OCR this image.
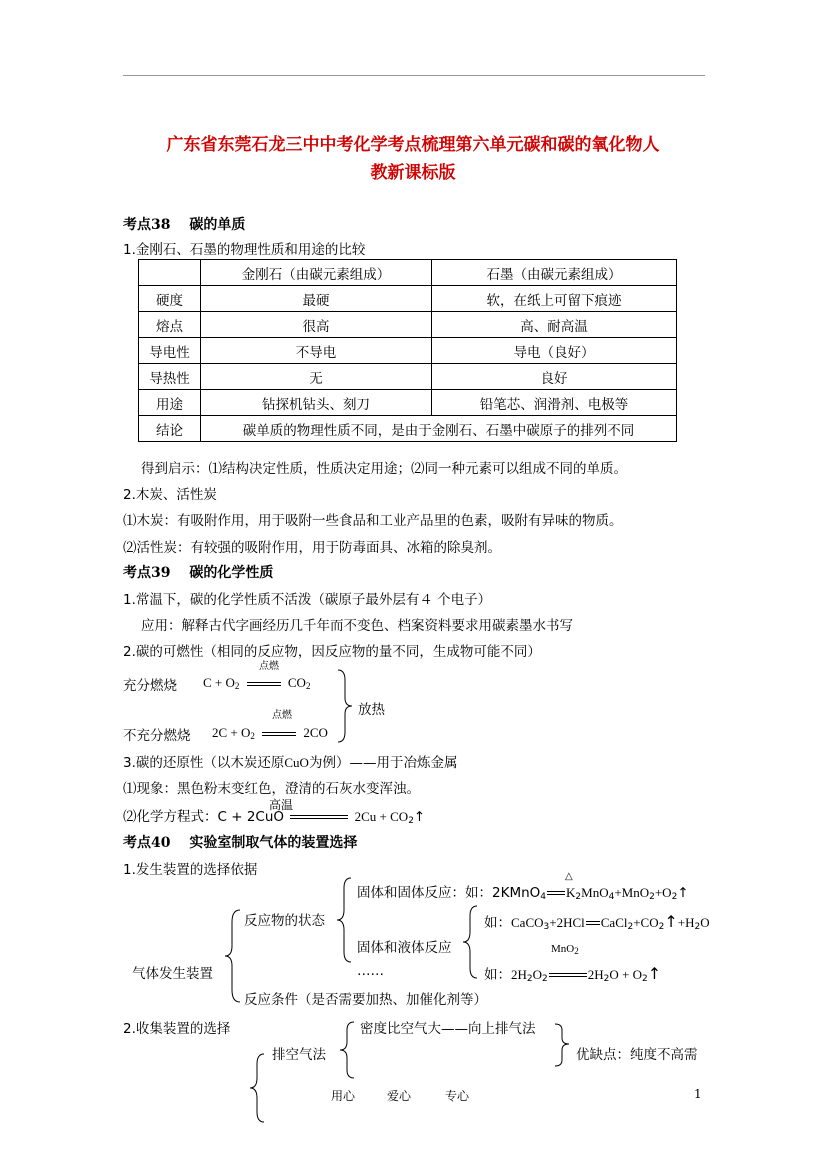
广东省东莞石龙三中中考化学考点梳理第六单元碳和碳的氧化物人
教新课标版
考点38　 碳的单质
1.金刚石、石墨的物理性质和用途的比较
	金刚石（由碳元素组成）	石墨（由碳元素组成）
硬度	最硬	软，在纸上可留下痕迹
熔点	很高	高、耐高温
导电性	不导电	导电（良好）
导热性	无	良好
用途	钻探机钻头、刻刀	铅笔芯、润滑剂、电极等
结论	碳单质的物理性质不同，是由于金刚石、石墨中碳原子的排列不同	
得到启示：⑴结构决定性质，性质决定用途；⑵同一种元素可以组成不同的单质。
2.木炭、活性炭
⑴木炭：有吸附作用，用于吸附一些食品和工业产品里的色素，吸附有异味的物质。
⑵活性炭：有较强的吸附作用，用于防毒面具、冰箱的除臭剂。
考点39　 碳的化学性质
1.常温下，碳的化学性质不活泼（碳原子最外层有４ 个电子）
应用：解释古代字画经历几千年而不变色、档案资料要求用碳素墨水书写
2.碳的可燃性（相同的反应物，因反应物的量不同，生成物可能不同）
点燃
充分燃烧 $C + O_2$	$CO_2$
点燃
不充分燃烧 $2C + O_2$	2CO
放热
3.碳的还原性（以木炭还原CuO为例）——用于冶炼金属
⑴现象：黑色粉末变红色，澄清的石灰水变浑浊。
高温
⑵化学方程式：C + 2CuO	$2Cu + CO_2↑$
考点40　 实验室制取气体的装置选择
1.发生装置的选择依据
气体发生装置
反应物的状态
反应条件（是否需要加热、加催化剂等）
固体和固体反应：如：2KMnO$_4$ $K_2MnO_4+MnO_2+O_2↑$
△
固体和液体反应
……
如：CaCO$_3$+2HCl $CaCl_2+CO_2↑+H_2O$
MnO$_2$
如：$2H_2O_2$	$2H_2O$ + $O_2↑$
2.收集装置的选择
排空气法
密度比空气大——向上排气法
优缺点：纯度不高需
用心	爱心	专心	1
